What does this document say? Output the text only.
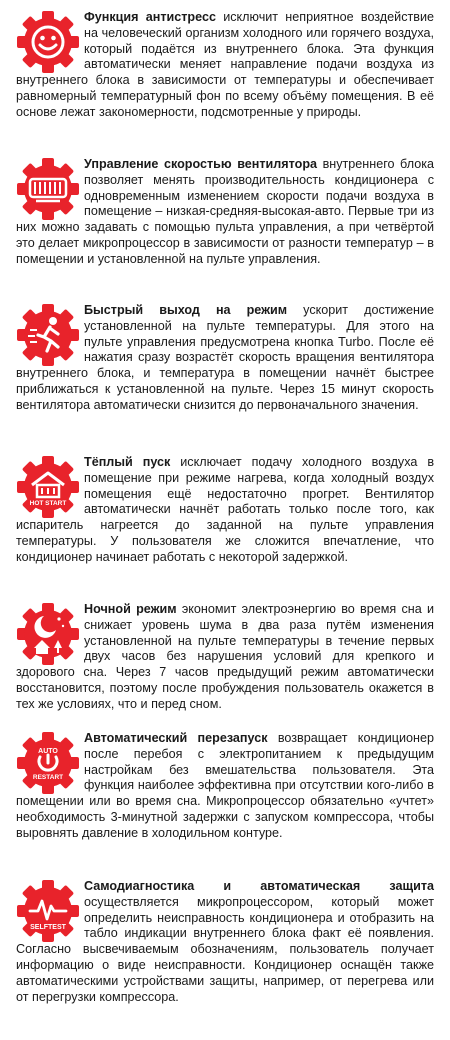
Функция антистресс исключит неприятное воздействие на человеческий организм холодного или горячего воздуха, который подаётся из внутреннего блока. Эта функция автоматически меняет направление подачи воздуха из внутреннего блока в зависимости от температуры и обеспечивает равномерный температурный фон по всему объёму помещения. В её основе лежат закономерности, подсмотренные у природы.

Управление скоростью вентилятора внутреннего блока позволяет менять производительность кондиционера с одновременным изменением скорости подачи воздуха в помещение – низкая-средняя-высокая-авто. Первые три из них можно задавать с помощью пульта управления, а при четвёртой это делает микропроцессор в зависимости от разности температур – в помещении и установленной на пульте управления.

Быстрый выход на режим ускорит достижение установленной на пульте температуры. Для этого на пульте управления предусмотрена кнопка Turbo. После её нажатия сразу возрастёт скорость вращения вентилятора внутреннего блока, и температура в помещении начнёт быстрее приближаться к установленной на пульте. Через 15 минут скорость вентилятора автоматически снизится до первоначального значения.

HOT START

Тёплый пуск исключает подачу холодного воздуха в помещение при режиме нагрева, когда холодный воздух помещения ещё недостаточно прогрет. Вентилятор автоматически начнёт работать только после того, как испаритель нагреется до заданной на пульте управления температуры. У пользователя же сложится впечатление, что кондиционер начинает работать с некоторой задержкой.

Ночной режим экономит электроэнергию во время сна и снижает уровень шума в два раза путём изменения установленной на пульте температуры в течение первых двух часов без нарушения условий для крепкого и здорового сна. Через 7 часов предыдущий режим автоматически восстановится, поэтому после пробуждения пользователь окажется в тех же условиях, что и перед сном.

AUTO
RESTART

Автоматический перезапуск возвращает кондиционер после перебоя с электропитанием к предыдущим настройкам без вмешательства пользователя. Эта функция наиболее эффективна при отсутствии кого-либо в помещении или во время сна. Микропроцессор обязательно «учтет» необходимость 3-минутной задержки с запуском компрессора, чтобы выровнять давление в холодильном контуре.

SELFTEST

Самодиагностика и автоматическая защита осуществляется микропроцессором, который может определить неисправность кондиционера и отобразить на табло индикации внутреннего блока факт её появления. Согласно высвечиваемым обозначениям, пользователь получает информацию о виде неисправности. Кондиционер оснащён также автоматическими устройствами защиты, например, от перегрева или от перегрузки компрессора.
